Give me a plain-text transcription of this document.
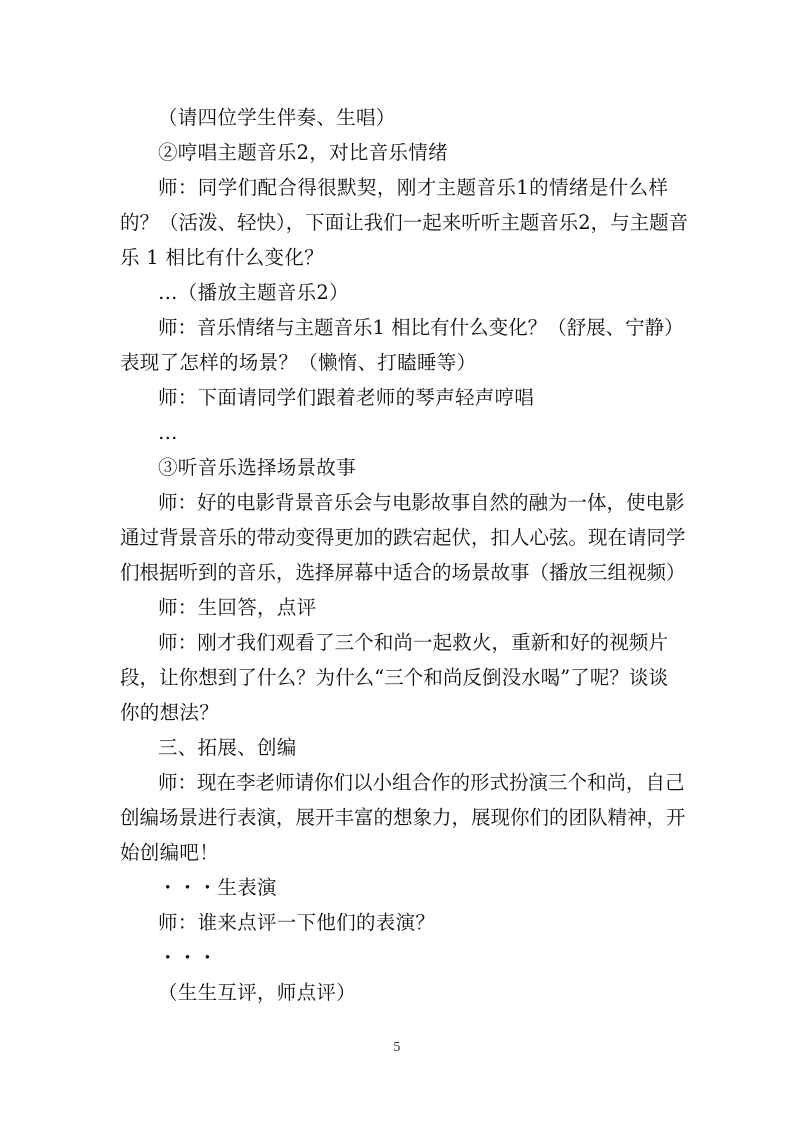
（请四位学生伴奏、生唱）
②哼唱主题音乐2，对比音乐情绪
师：同学们配合得很默契，刚才主题音乐1的情绪是什么样
的？（活泼、轻快），下面让我们一起来听听主题音乐2，与主题音
乐 1 相比有什么变化？
…（播放主题音乐2）
师：音乐情绪与主题音乐1 相比有什么变化？（舒展、宁静）
表现了怎样的场景？（懒惰、打瞌睡等）
师：下面请同学们跟着老师的琴声轻声哼唱
…
③听音乐选择场景故事
师：好的电影背景音乐会与电影故事自然的融为一体，使电影
通过背景音乐的带动变得更加的跌宕起伏，扣人心弦。现在请同学
们根据听到的音乐，选择屏幕中适合的场景故事（播放三组视频）
师：生回答，点评
师：刚才我们观看了三个和尚一起救火，重新和好的视频片
段，让你想到了什么？为什么“三个和尚反倒没水喝”了呢？谈谈
你的想法？
三、拓展、创编
师：现在李老师请你们以小组合作的形式扮演三个和尚，自己
创编场景进行表演，展开丰富的想象力，展现你们的团队精神，开
始创编吧！
・・・生表演
师：谁来点评一下他们的表演？
・・・
（生生互评，师点评）
5
